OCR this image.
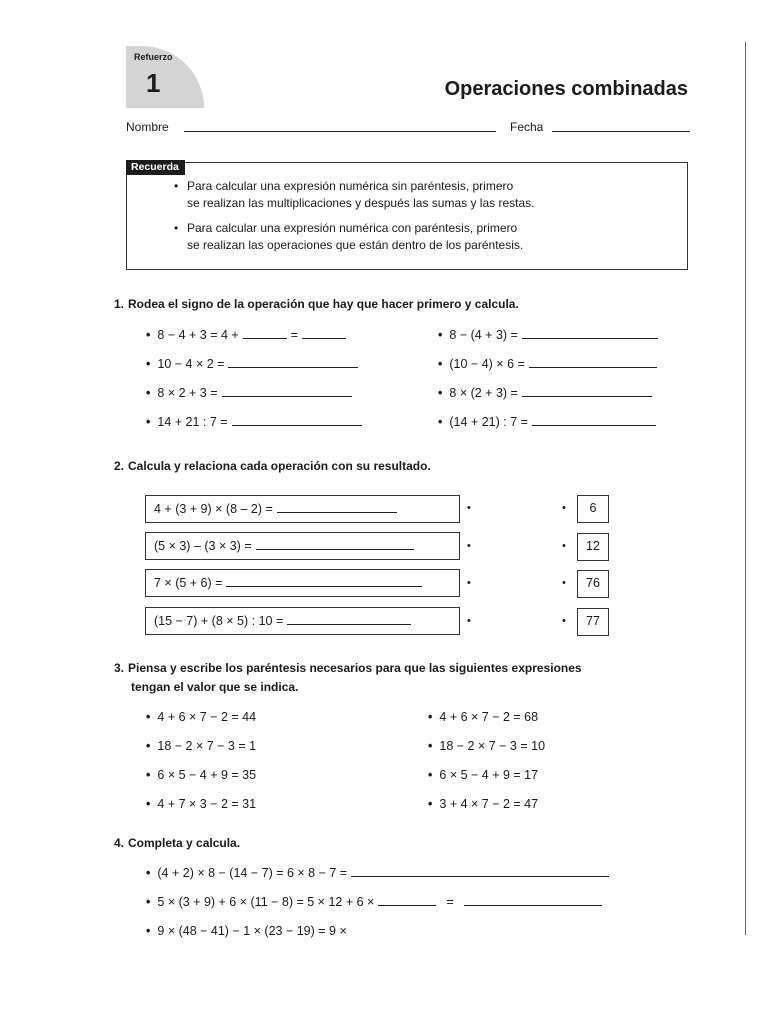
Refuerzo
1	Operaciones combinadas
Nombre	Fecha
Recuerda
• Para calcular una expresión numérica sin paréntesis, primero
se realizan las multiplicaciones y después las sumas y las restas.
• Para calcular una expresión numérica con paréntesis, primero
se realizan las operaciones que están dentro de los paréntesis.
1. Rodea el signo de la operación que hay que hacer primero y calcula.
• 8 − 4 + 3 = 4 +	=
• 10 − 4 × 2 =
• 8 × 2 + 3 =
• 14 + 21 : 7 =
• 8 − (4 + 3) =
• (10 − 4) × 6 =
• 8 × (2 + 3) =
• (14 + 21) : 7 =
2. Calcula y relaciona cada operación con su resultado.
4 + (3 + 9) × (8 – 2) =
(5 × 3) – (3 × 3) =
7 × (5 + 6) =
(15 − 7) + (8 × 5) : 10 =
•
•
•
•
•
•
•
•
6
12
76
77
3. Piensa y escribe los paréntesis necesarios para que las siguientes expresiones
tengan el valor que se indica.
• 4 + 6 × 7 − 2 = 44
• 18 − 2 × 7 − 3 = 1
• 6 × 5 − 4 + 9 = 35
• 4 + 7 × 3 − 2 = 31
• 4 + 6 × 7 − 2 = 68
• 18 − 2 × 7 − 3 = 10
• 6 × 5 − 4 + 9 = 17
• 3 + 4 × 7 − 2 = 47
4. Completa y calcula.
• (4 + 2) × 8 − (14 − 7) = 6 × 8 − 7 =
• 5 × (3 + 9) + 6 × (11 − 8) = 5 × 12 + 6 ×	=
• 9 × (48 − 41) − 1 × (23 − 19) = 9 ×
